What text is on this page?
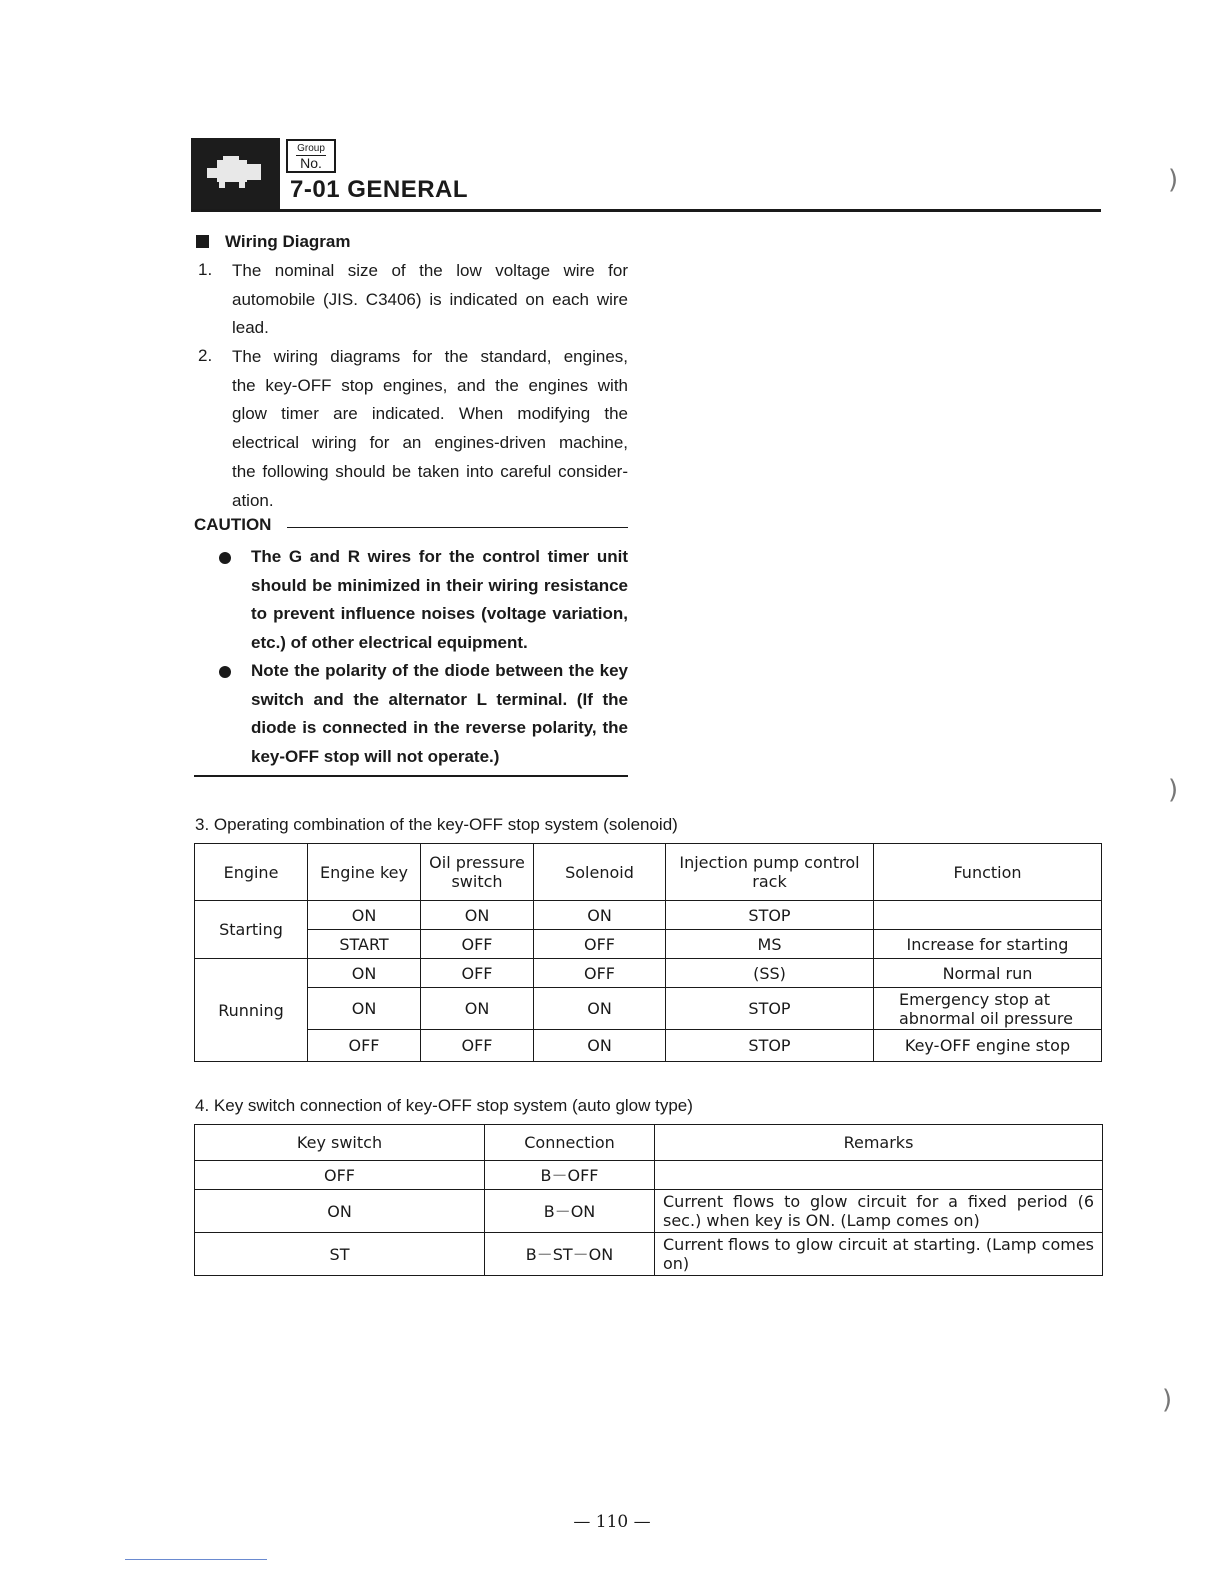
Group
No.
7-01 GENERAL
Wiring Diagram
1. The nominal size of the low voltage wire for
automobile (JIS. C3406) is indicated on each wire
lead.
2. The wiring diagrams for the standard, engines,
the key-OFF stop engines, and the engines with
glow timer are indicated. When modifying the
electrical wiring for an engines-driven machine,
the following should be taken into careful consider-
ation.
CAUTION
The G and R wires for the control timer unit
should be minimized in their wiring resistance
to prevent influence noises (voltage variation,
etc.) of other electrical equipment.
Note the polarity of the diode between the key
switch and the alternator L terminal. (If the
diode is connected in the reverse polarity, the
key-OFF stop will not operate.)
3. Operating combination of the key-OFF stop system (solenoid)
Engine	Engine key	Oil pressure switch	Solenoid	Injection pump control rack	Function
Starting	ON	ON	ON	STOP	
	START	OFF	OFF	MS	Increase for starting
Running	ON	OFF	OFF	(SS)	Normal run
	ON	ON	ON	STOP	Emergency stop at abnormal oil pressure
	OFF	OFF	ON	STOP	Key-OFF engine stop
4. Key switch connection of key-OFF stop system (auto glow type)
Key switch	Connection	Remarks
OFF	B－OFF	
ON	B－ON	Current flows to glow circuit for a fixed period (6 sec.) when key is ON. (Lamp comes on)
ST	B－ST－ON	Current flows to glow circuit at starting. (Lamp comes on)
— 110 —
)
)
)
